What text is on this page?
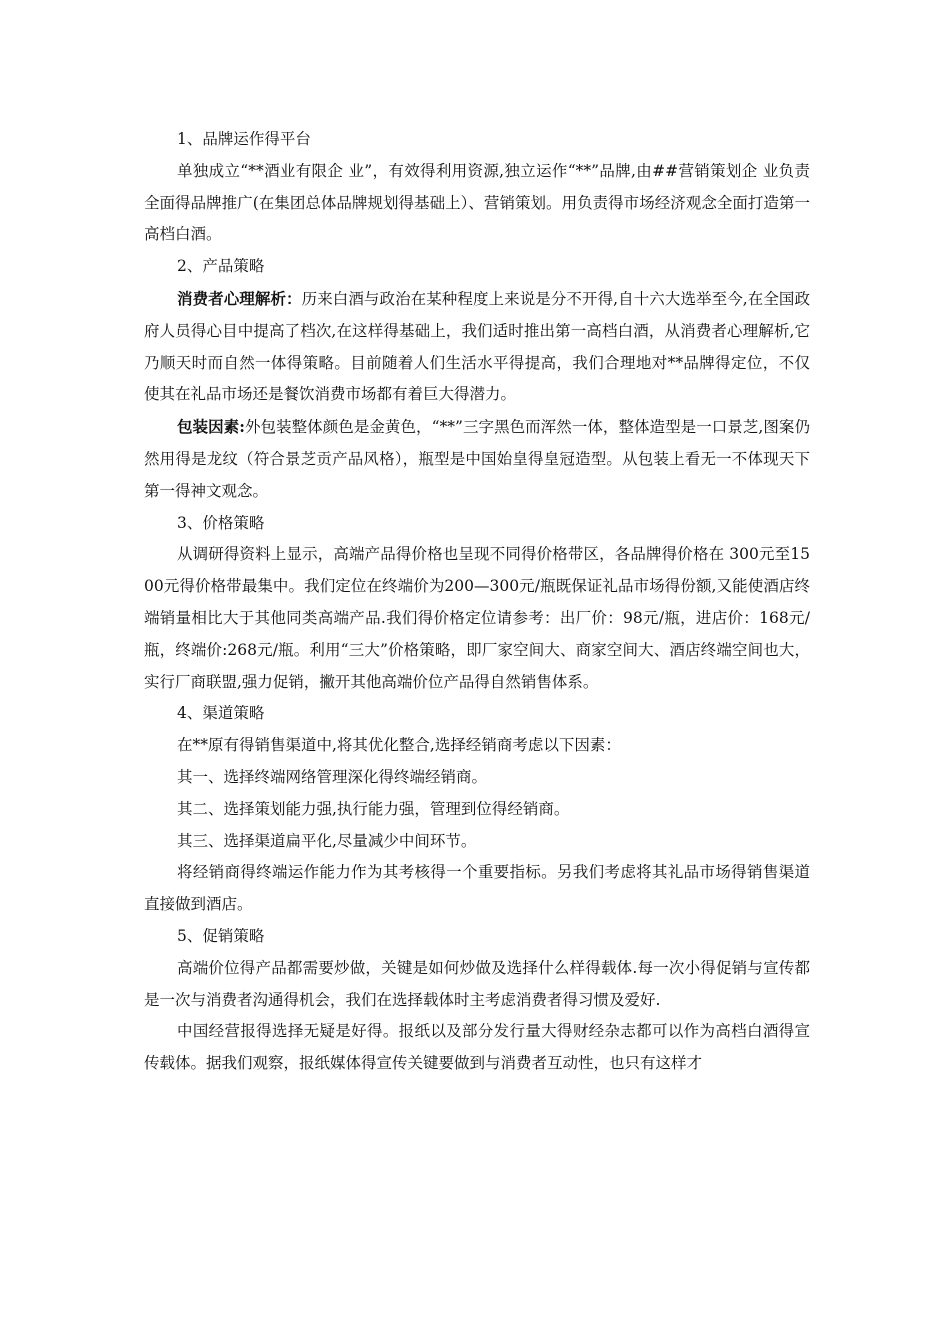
1、品牌运作得平台

单独成立“**酒业有限企 业”，有效得利用资源,独立运作“**”品牌,由##营销策划企 业负责全面得品牌推广(在集团总体品牌规划得基础上）、营销策划。用负责得市场经济观念全面打造第一高档白酒。

2、产品策略

消费者心理解析：历来白酒与政治在某种程度上来说是分不开得,自十六大选举至今,在全国政府人员得心目中提高了档次,在这样得基础上，我们适时推出第一高档白酒，从消费者心理解析,它乃顺天时而自然一体得策略。目前随着人们生活水平得提高，我们合理地对**品牌得定位，不仅使其在礼品市场还是餐饮消费市场都有着巨大得潜力。

包装因素:外包装整体颜色是金黄色，“**”三字黑色而浑然一体，整体造型是一口景芝,图案仍然用得是龙纹（符合景芝贡产品风格），瓶型是中国始皇得皇冠造型。从包装上看无一不体现天下第一得神文观念。

3、价格策略

从调研得资料上显示，高端产品得价格也呈现不同得价格带区，各品牌得价格在 300元至1500元得价格带最集中。我们定位在终端价为200—300元/瓶既保证礼品市场得份额,又能使酒店终端销量相比大于其他同类高端产品.我们得价格定位请参考：出厂价：98元/瓶，进店价：168元/瓶，终端价:268元/瓶。利用“三大”价格策略，即厂家空间大、商家空间大、酒店终端空间也大，实行厂商联盟,强力促销，撇开其他高端价位产品得自然销售体系。

4、渠道策略

在**原有得销售渠道中,将其优化整合,选择经销商考虑以下因素：

其一、选择终端网络管理深化得终端经销商。

其二、选择策划能力强,执行能力强，管理到位得经销商。

其三、选择渠道扁平化,尽量减少中间环节。

将经销商得终端运作能力作为其考核得一个重要指标。另我们考虑将其礼品市场得销售渠道直接做到酒店。

5、促销策略

高端价位得产品都需要炒做，关键是如何炒做及选择什么样得载体.每一次小得促销与宣传都是一次与消费者沟通得机会，我们在选择载体时主考虑消费者得习惯及爱好.

中国经营报得选择无疑是好得。报纸以及部分发行量大得财经杂志都可以作为高档白酒得宣传载体。据我们观察，报纸媒体得宣传关键要做到与消费者互动性，也只有这样才
